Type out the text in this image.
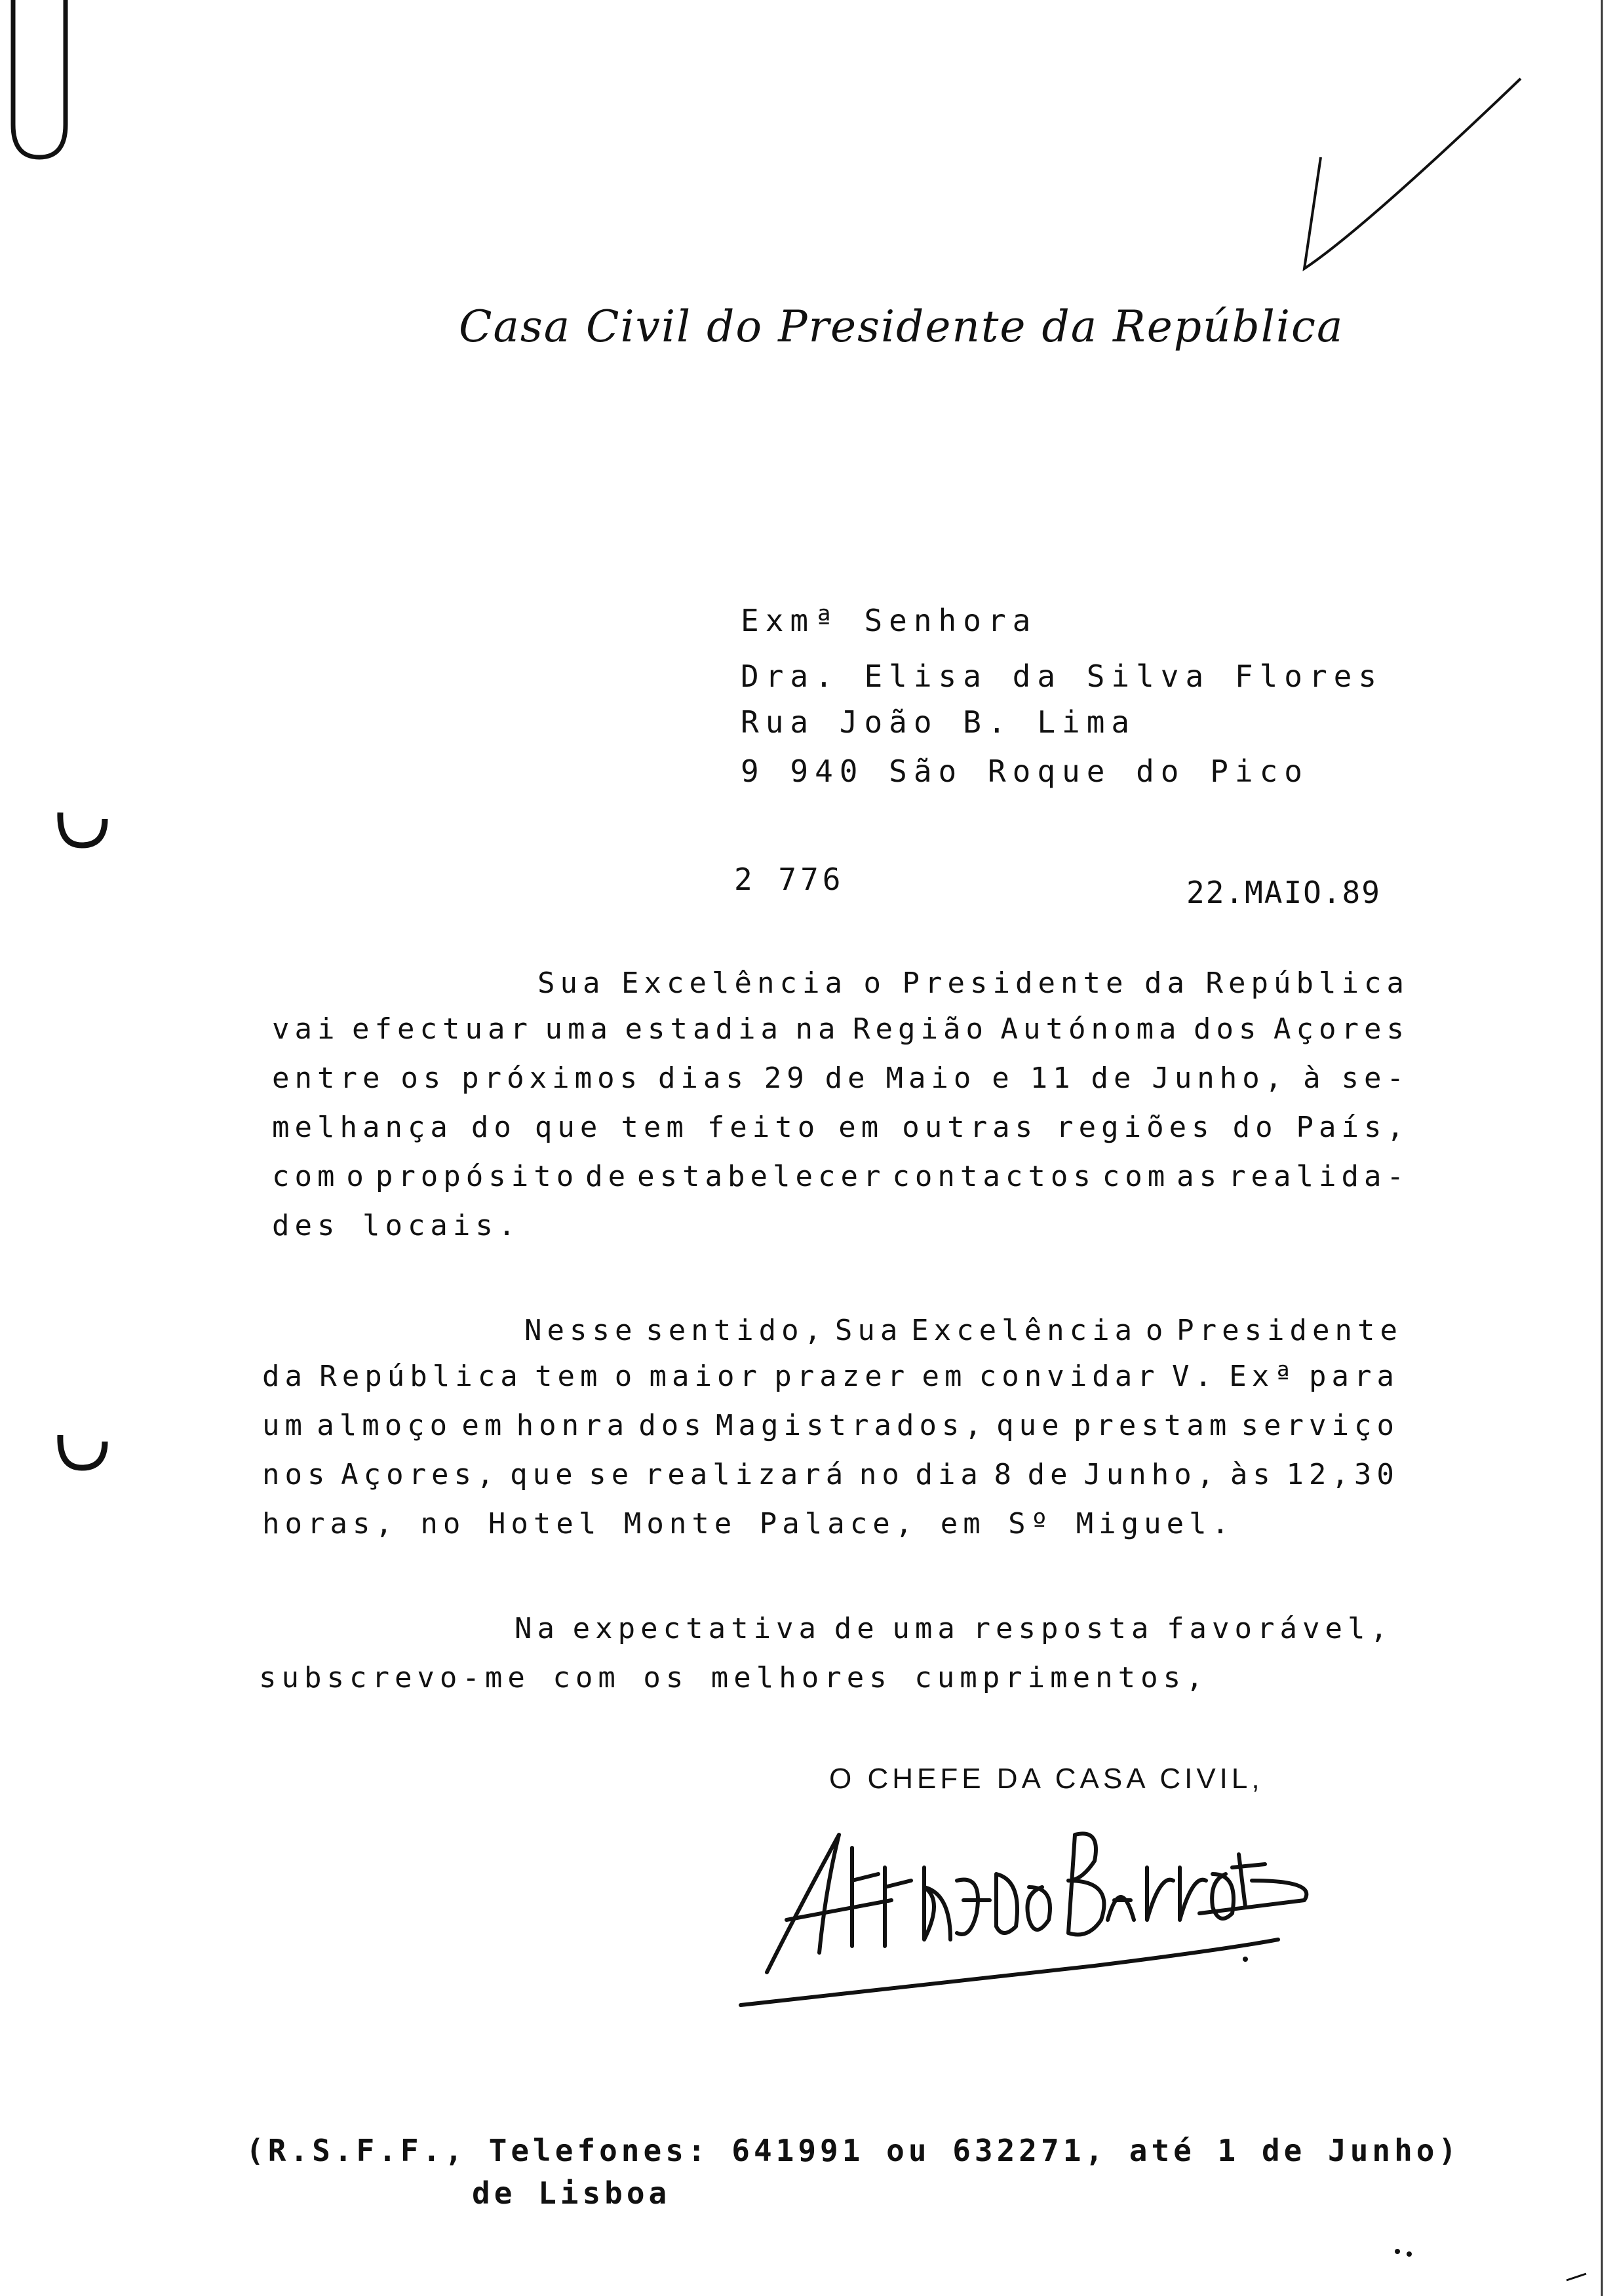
Casa Civil do Presidente da República
Exmª Senhora
Dra. Elisa da Silva Flores
Rua João B. Lima
9 940 São Roque do Pico
2 776	22.MAIO.89
Sua Excelência o Presidente da República
vai efectuar uma estadia na Região Autónoma dos Açores
entre os próximos dias 29 de Maio e 11 de Junho, à se-
melhança do que tem feito em outras regiões do País,
com o propósito de estabelecer contactos com as realida-
des locais.
Nesse sentido, Sua Excelência o Presidente
da República tem o maior prazer em convidar V. Exª para
um almoço em honra dos Magistrados, que prestam serviço
nos Açores, que se realizará no dia 8 de Junho, às 12,30
horas, no Hotel Monte Palace, em Sº Miguel.
Na expectativa de uma resposta favorável,
subscrevo-me com os melhores cumprimentos,
O CHEFE DA CASA CIVIL,
(R.S.F.F., Telefones: 641991 ou 632271, até 1 de Junho)
de Lisboa
